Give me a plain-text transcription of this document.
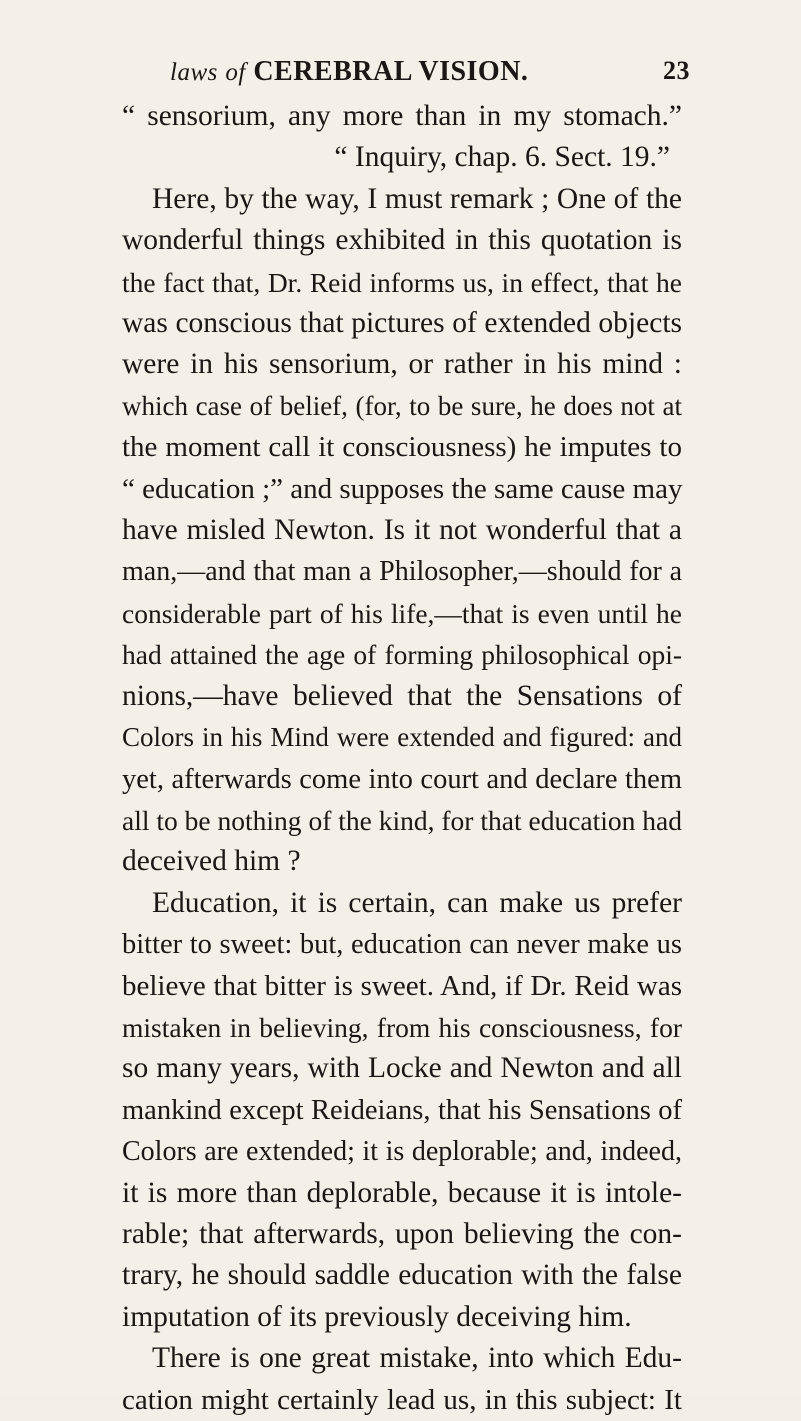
laws of CEREBRAL VISION.	23
“ sensorium, any more than in my stomach.”
“ Inquiry, chap. 6. Sect. 19.”
Here, by the way, I must remark ; One of the
wonderful things exhibited in this quotation is
the fact that, Dr. Reid informs us, in effect, that he
was conscious that pictures of extended objects
were in his sensorium, or rather in his mind :
which case of belief, (for, to be sure, he does not at
the moment call it consciousness) he imputes to
“ education ;” and supposes the same cause may
have misled Newton. Is it not wonderful that a
man,—and that man a Philosopher,—should for a
considerable part of his life,—that is even until he
had attained the age of forming philosophical opi-
nions,—have believed that the Sensations of
Colors in his Mind were extended and figured: and
yet, afterwards come into court and declare them
all to be nothing of the kind, for that education had
deceived him ?
Education, it is certain, can make us prefer
bitter to sweet: but, education can never make us
believe that bitter is sweet. And, if Dr. Reid was
mistaken in believing, from his consciousness, for
so many years, with Locke and Newton and all
mankind except Reideians, that his Sensations of
Colors are extended; it is deplorable; and, indeed,
it is more than deplorable, because it is intole-
rable; that afterwards, upon believing the con-
trary, he should saddle education with the false
imputation of its previously deceiving him.
There is one great mistake, into which Edu-
cation might certainly lead us, in this subject: It
